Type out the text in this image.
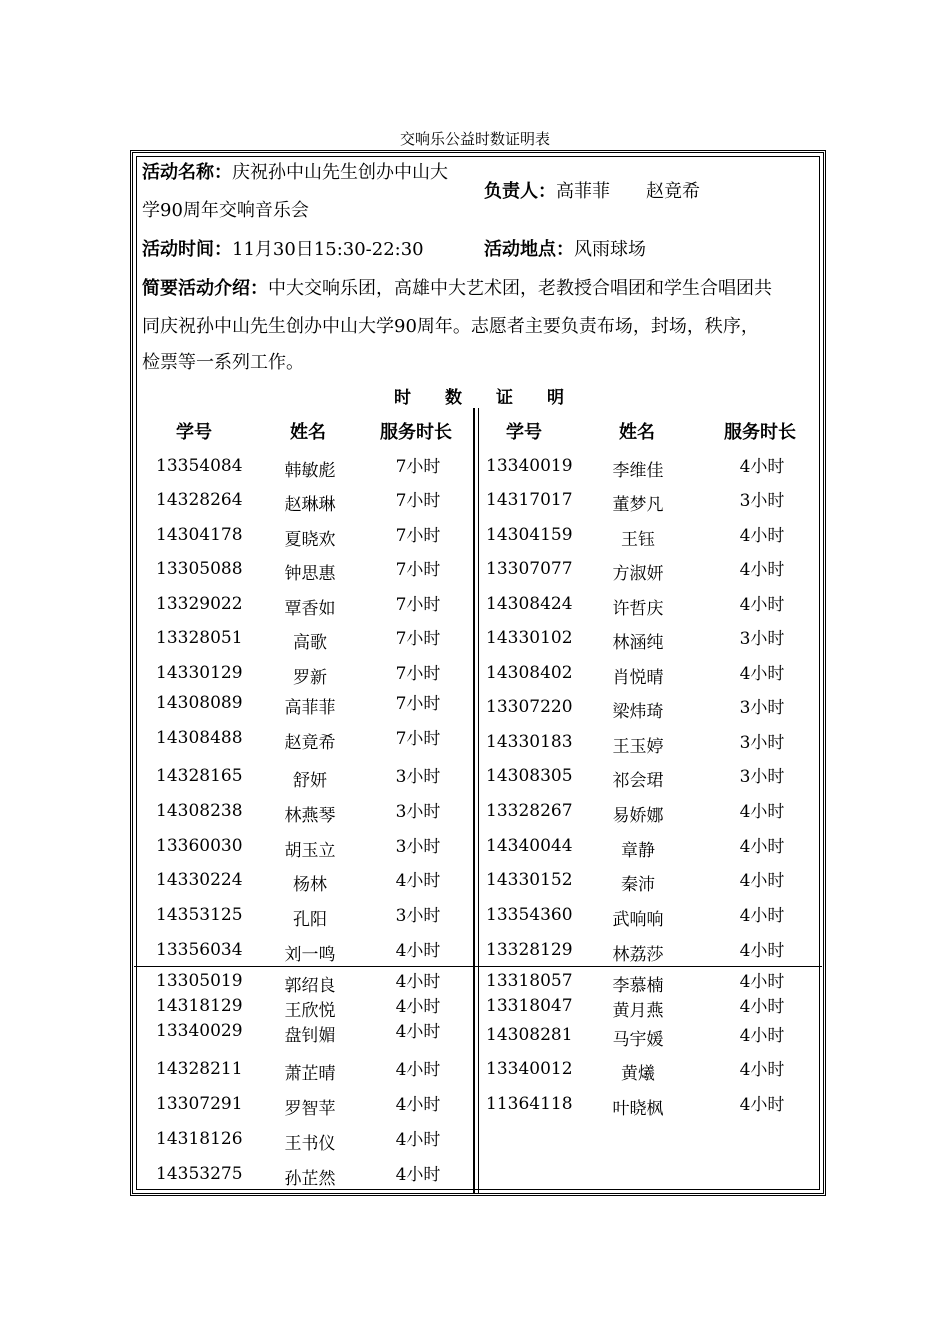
交响乐公益时数证明表
活动名称：庆祝孙中山先生创办中山大
学90周年交响音乐会
负责人：高菲菲　　赵竟希
活动时间：11月30日15:30-22:30	活动地点：风雨球场
简要活动介绍：中大交响乐团，高雄中大艺术团，老教授合唱团和学生合唱团共
同庆祝孙中山先生创办中山大学90周年。志愿者主要负责布场，封场，秩序，
检票等一系列工作。
时　　数　　证　　明
学号	姓名	服务时长	学号	姓名	服务时长
13354084	韩敏彪	7小时
14328264	赵琳琳	7小时
14304178	夏晓欢	7小时
13305088	钟思惠	7小时
13329022	覃香如	7小时
13328051	高歌	7小时
14330129	罗新	7小时
14308089	高菲菲	7小时
14308488	赵竟希	7小时
14328165	舒妍	3小时
14308238	林燕琴	3小时
13360030	胡玉立	3小时
14330224	杨林	4小时
14353125	孔阳	3小时
13356034	刘一鸣	4小时
13305019	郭绍良	4小时
14318129	王欣悦	4小时
13340029	盘钊媚	4小时
14328211	萧芷晴	4小时
13307291	罗智苹	4小时
14318126	王书仪	4小时
14353275	孙芷然	4小时
13340019	李维佳	4小时
14317017	董梦凡	3小时
14304159	王钰	4小时
13307077	方淑妍	4小时
14308424	许哲庆	4小时
14330102	林涵纯	3小时
14308402	肖悦晴	4小时
13307220	梁炜琦	3小时
14330183	王玉婷	3小时
14308305	祁会珺	3小时
13328267	易娇娜	4小时
14340044	章静	4小时
14330152	秦沛	4小时
13354360	武响响	4小时
13328129	林荔莎	4小时
13318057	李慕楠	4小时
13318047	黄月燕	4小时
14308281	马宇媛	4小时
13340012	黄爔	4小时
11364118	叶晓枫	4小时
